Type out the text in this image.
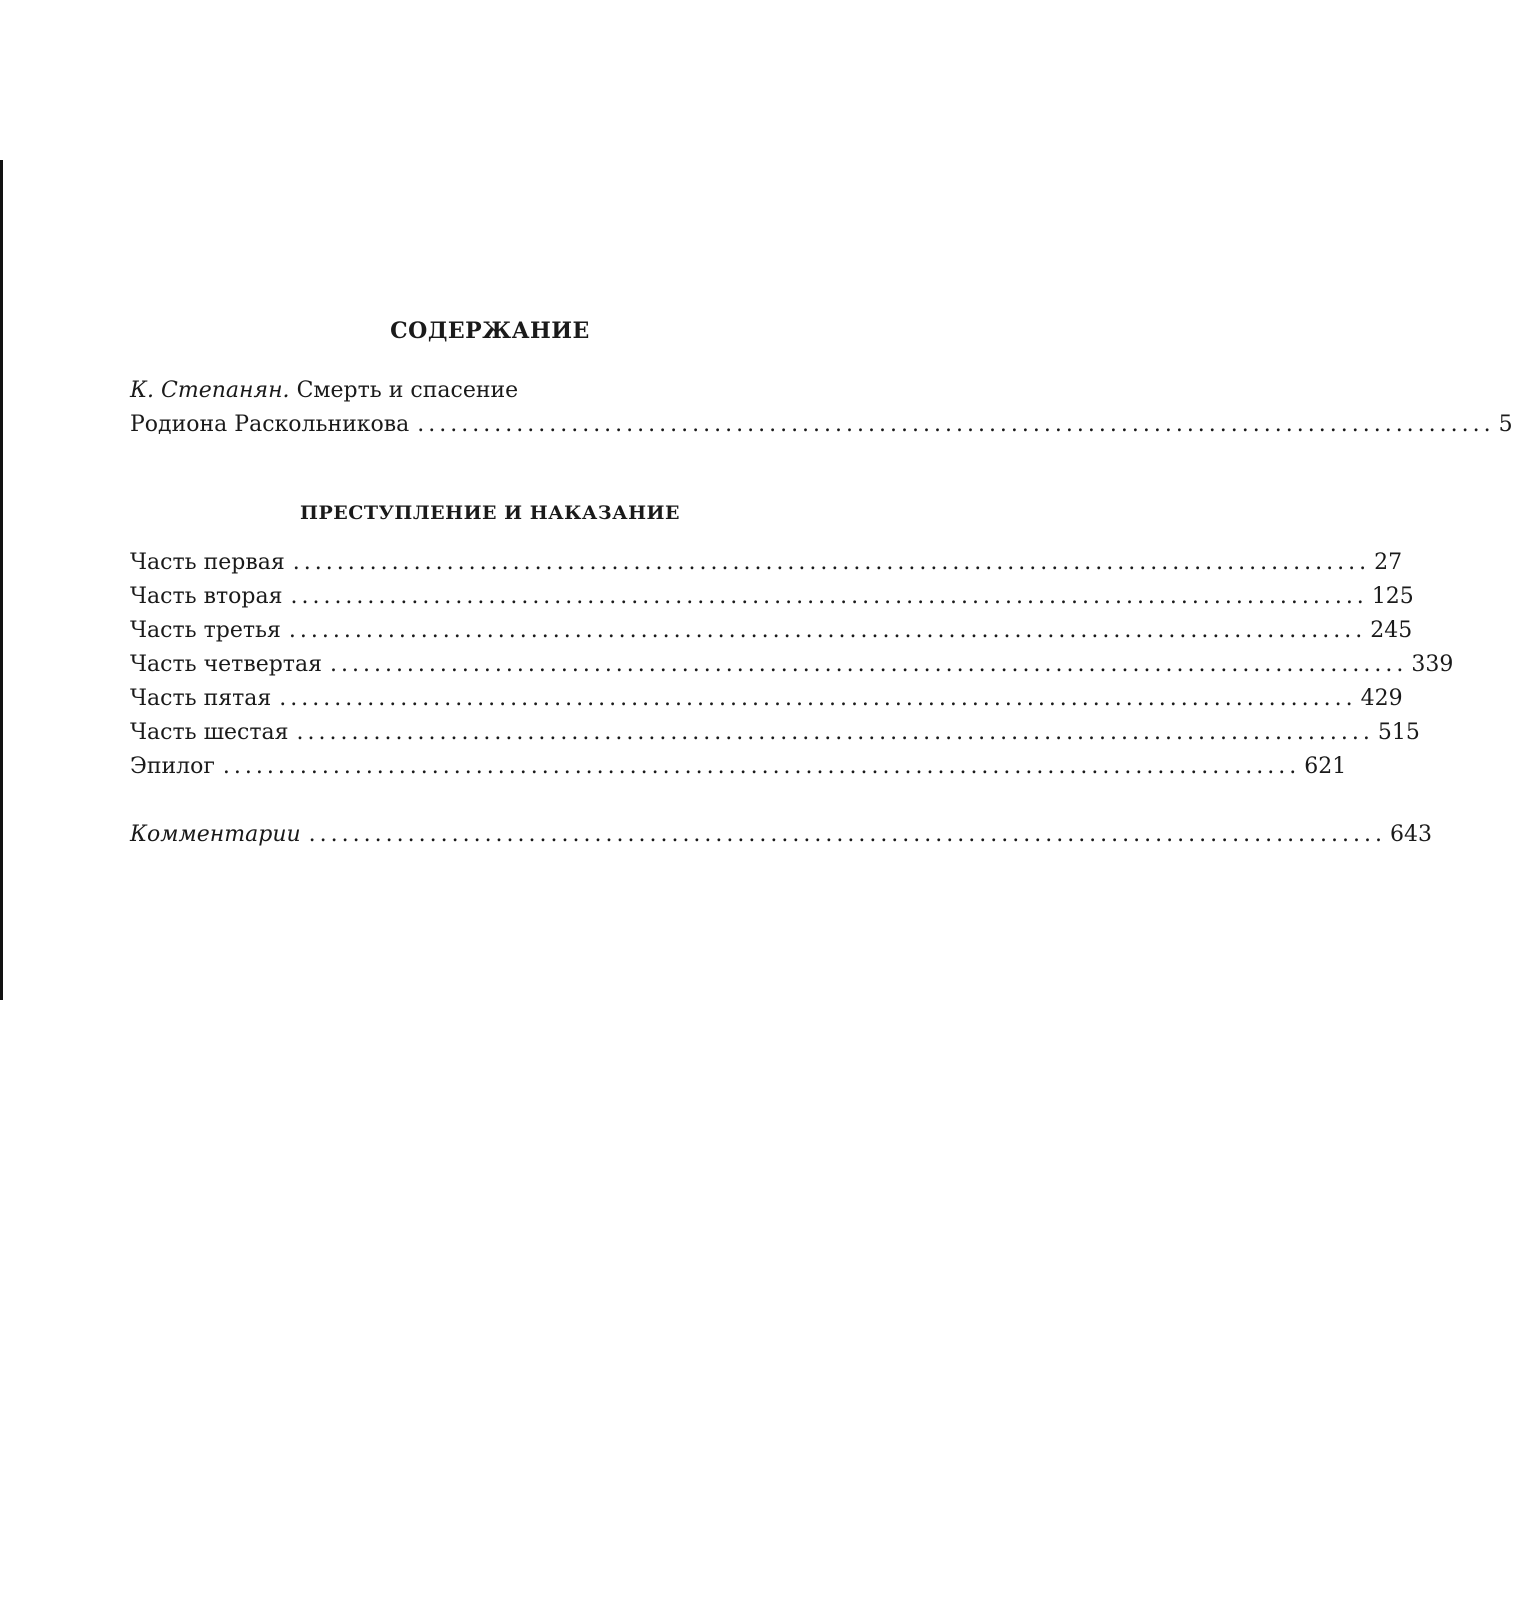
СОДЕРЖАНИЕ
К. Степанян. Смерть и спасение
Родиона Раскольникова .................................................................................................. 5
ПРЕСТУПЛЕНИЕ И НАКАЗАНИЕ
Часть первая .................................................................................................. 27
Часть вторая .................................................................................................. 125
Часть третья .................................................................................................. 245
Часть четвертая .................................................................................................. 339
Часть пятая .................................................................................................. 429
Часть шестая .................................................................................................. 515
Эпилог .................................................................................................. 621
Комментарии .................................................................................................. 643
